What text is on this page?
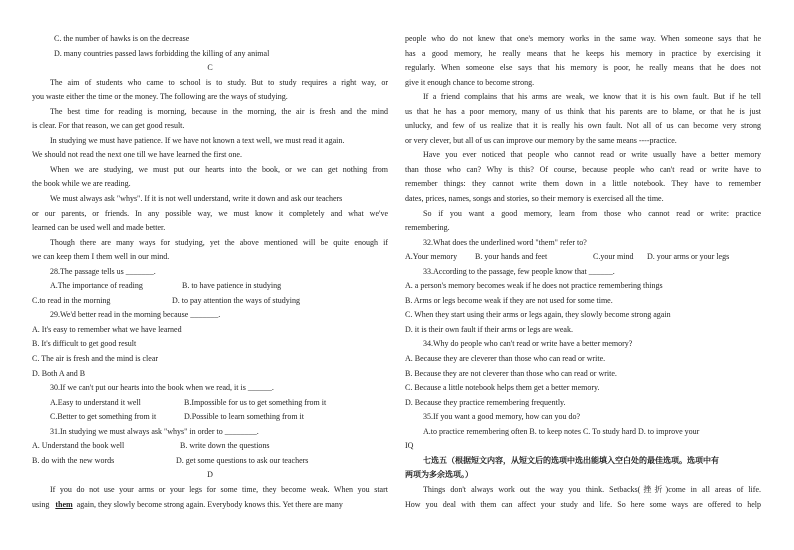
C. the number of hawks is on the decrease
D. many countries passed laws forbidding the killing of any animal
C
The aim of students who came to school is to study. But to study requires a right way, or
you waste either the time or the money. The following are the ways of studying.
The best time for reading is morning, because in the morning, the air is fresh and the mind
is clear. For that reason, we can get good result.
In studying we must have patience. If we have not known a text well, we must read it again.
We should not read the next one till we have learned the first one.
When we are studying, we must put our hearts into the book, or we can get nothing from
the book while we are reading.
We must always ask "whys". If it is not well understand, write it down and ask our teachers
or our parents, or friends. In any possible way, we must know it completely and what we've
learned can be used well and made better.
Though there are many ways for studying, yet the above mentioned will be quite enough if
we can keep them I them well in our mind.
28.The passage tells us _______.
A.The importance of reading	B. to have patience in studying
C.to read in the morning	D. to pay attention the ways of studying
29.We'd better read in the morning because _______.
A. It's easy to remember what we have learned
B. It's difficult to get good result
C. The air is fresh and the mind is clear
D. Both A and B
30.If we can't put our hearts into the book when we read, it is ______.
A.Easy to understand it well	B.Impossible for us to get something from it
C.Better to get something from it	D.Possible to learn something from it
31.In studying we must always ask "whys" in order to ________.
A. Understand the book well	B. write down the questions
B. do with the new words	D. get some questions to ask our teachers
D
If you do not use your arms or your legs for some time, they become weak. When you start
using them again, they slowly become strong again. Everybody knows this. Yet there are many
people who do not knew that one's memory works in the same way. When someone says that he
has a good memory, he really means that he keeps his memory in practice by exercising it
regularly. When someone else says that his memory is poor, he really means that he does not
give it enough chance to become strong.
If a friend complains that his arms are weak, we know that it is his own fault. But if he tell
us that he has a poor memory, many of us think that his parents are to blame, or that he is just
unlucky, and few of us realize that it is really his own fault. Not all of us can become very strong
or very clever, but all of us can improve our memory by the same means ----practice.
Have you ever noticed that people who cannot read or write usually have a better memory
than those who can? Why is this? Of course, because people who can't read or write have to
remember things: they cannot write them down in a little notebook. They have to remember
dates, prices, names, songs and stories, so their memory is exercised all the time.
So if you want a good memory, learn from those who cannot read or write: practice
remembering.
32.What does the underlined word "them" refer to?
A.Your memory	B. your hands and feet	C.your mind	D. your arms or your legs
33.According to the passage, few people know that ______.
A. a person's memory becomes weak if he does not practice remembering things
B. Arms or legs become weak if they are not used for some time.
C. When they start using their arms or legs again, they slowly become strong again
D. it is their own fault if their arms or legs are weak.
34.Why do people who can't read or write have a better memory?
A. Because they are cleverer than those who can read or write.
B. Because they are not cleverer than those who can read or write.
C. Because a little notebook helps them get a better memory.
D. Because they practice remembering frequently.
35.If you want a good memory, how can you do?
A.to practice remembering often B. to keep notes C. To study hard D. to improve your
IQ
七选五（根据短文内容，从短文后的选项中选出能填入空白处的最佳选项。选项中有
两项为多余选项。）
Things don't always work out the way you think. Setbacks(挫折)come in all areas of life.
How you deal with them can affect your study and life. So here some ways are offered to help
